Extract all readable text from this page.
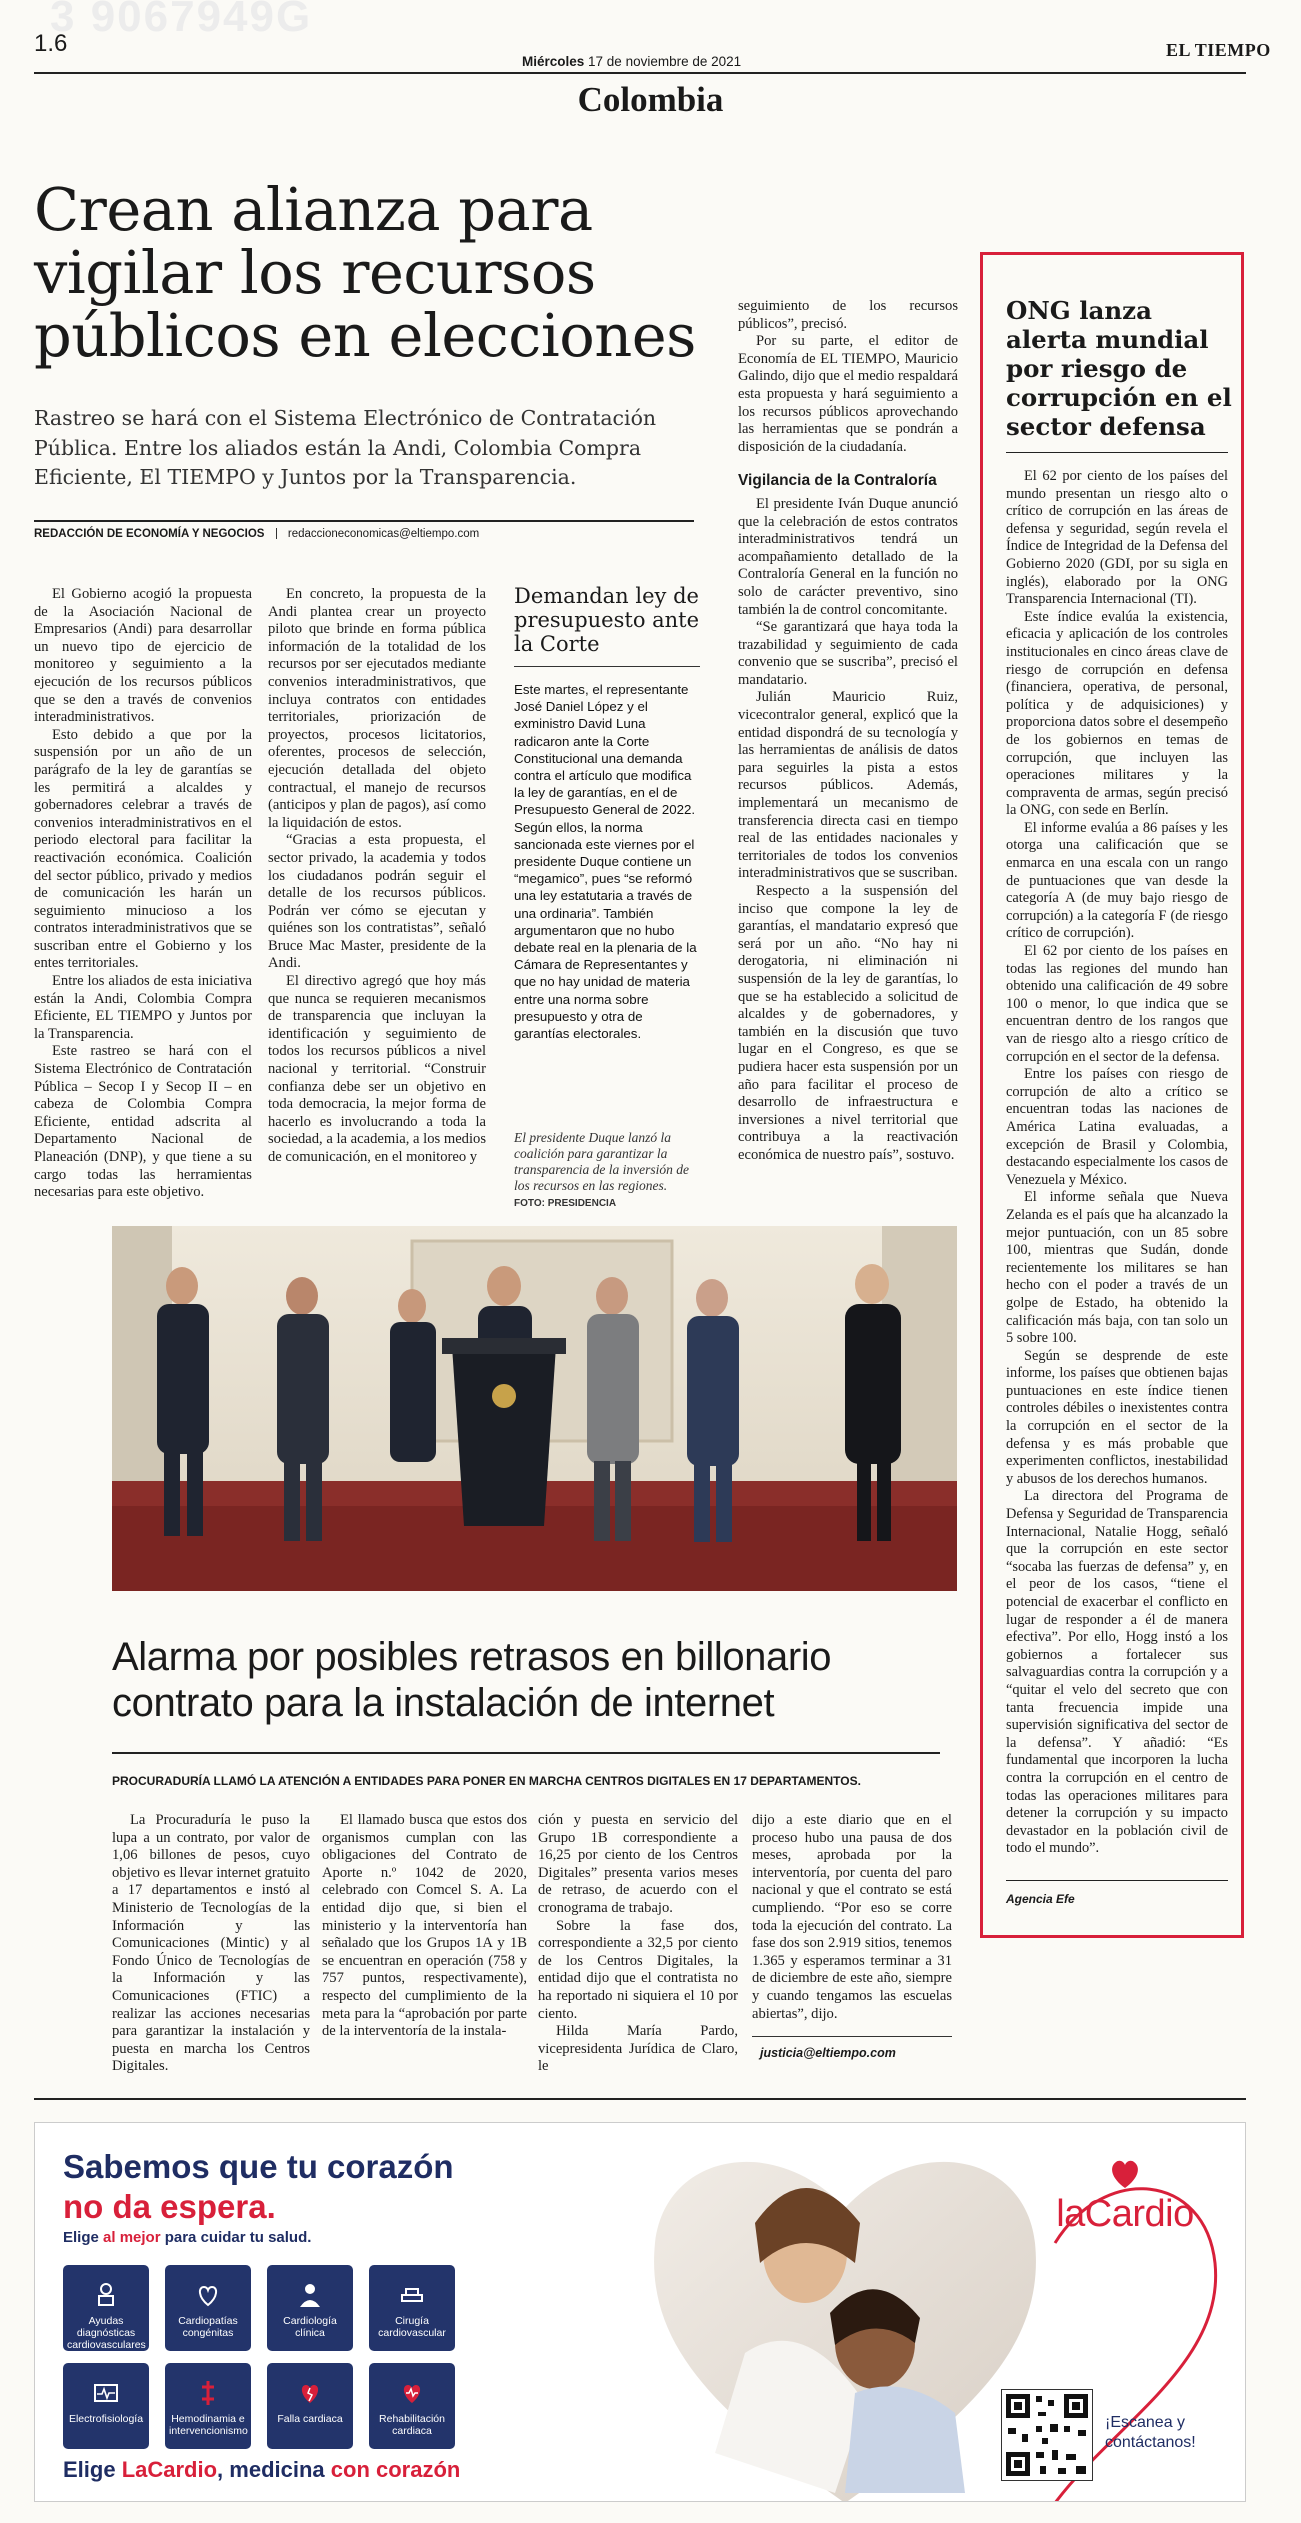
3 9067949G
1.6
Miércoles 17 de noviembre de 2021
EL TIEMPO
Colombia
Crean alianza para vigilar los recursos públicos en elecciones
Rastreo se hará con el Sistema Electrónico de Contratación Pública. Entre los aliados están la Andi, Colombia Compra Eficiente, El TIEMPO y Juntos por la Transparencia.
REDACCIÓN DE ECONOMÍA Y NEGOCIOS redaccioneconomicas@eltiempo.com

El Gobierno acogió la propuesta de la Asociación Nacional de Empresarios (Andi) para desarrollar un nuevo tipo de ejercicio de monitoreo y seguimiento a la ejecución de los recursos públicos que se den a través de convenios interadministrativos.

Esto debido a que por la suspensión por un año de un parágrafo de la ley de garantías se les permitirá a alcaldes y gobernadores celebrar a través de convenios interadministrativos en el periodo electoral para facilitar la reactivación económica. Coalición del sector público, privado y medios de comunicación les harán un seguimiento minucioso a los contratos interadministrativos que se suscriban entre el Gobierno y los entes territoriales.

Entre los aliados de esta iniciativa están la Andi, Colombia Compra Eficiente, EL TIEMPO y Juntos por la Transparencia.

Este rastreo se hará con el Sistema Electrónico de Contratación Pública – Secop I y Secop II – en cabeza de Colombia Compra Eficiente, entidad adscrita al Departamento Nacional de Planeación (DNP), y que tiene a su cargo todas las herramientas necesarias para este objetivo.

En concreto, la propuesta de la Andi plantea crear un proyecto piloto que brinde en forma pública información de la totalidad de los recursos por ser ejecutados mediante convenios interadministrativos, que incluya contratos con entidades territoriales, priorización de proyectos, procesos licitatorios, oferentes, procesos de selección, ejecución detallada del objeto contractual, el manejo de recursos (anticipos y plan de pagos), así como la liquidación de estos.

“Gracias a esta propuesta, el sector privado, la academia y todos los ciudadanos podrán seguir el detalle de los recursos públicos. Podrán ver cómo se ejecutan y quiénes son los contratistas”, señaló Bruce Mac Master, presidente de la Andi.

El directivo agregó que hoy más que nunca se requieren mecanismos de transparencia que incluyan la identificación y seguimiento de todos los recursos públicos a nivel nacional y territorial. “Construir confianza debe ser un objetivo en toda democracia, la mejor forma de hacerlo es involucrando a toda la sociedad, a la academia, a los medios de comunicación, en el monitoreo y

Demandan ley de presupuesto ante la Corte
Este martes, el representante José Daniel López y el exministro David Luna radicaron ante la Corte Constitucional una demanda contra el artículo que modifica la ley de garantías, en el de Presupuesto General de 2022. Según ellos, la norma sancionada este viernes por el presidente Duque contiene un “megamico”, pues “se reformó una ley estatutaria a través de una ordinaria”. También argumentaron que no hubo debate real en la plenaria de la Cámara de Representantes y que no hay unidad de materia entre una norma sobre presupuesto y otra de garantías electorales.
El presidente Duque lanzó la coalición para garantizar la transparencia de la inversión de los recursos en las regiones. FOTO: PRESIDENCIA

seguimiento de los recursos públicos”, precisó.

Por su parte, el editor de Economía de EL TIEMPO, Mauricio Galindo, dijo que el medio respaldará esta propuesta y hará seguimiento a los recursos públicos aprovechando las herramientas que se pondrán a disposición de la ciudadanía.

Vigilancia de la Contraloría

El presidente Iván Duque anunció que la celebración de estos contratos interadministrativos tendrá un acompañamiento detallado de la Contraloría General en la función no solo de carácter preventivo, sino también la de control concomitante.

“Se garantizará que haya toda la trazabilidad y seguimiento de cada convenio que se suscriba”, precisó el mandatario.

Julián Mauricio Ruiz, vicecontralor general, explicó que la entidad dispondrá de su tecnología y las herramientas de análisis de datos para seguirles la pista a estos recursos públicos. Además, implementará un mecanismo de transferencia directa casi en tiempo real de las entidades nacionales y territoriales de todos los convenios interadministrativos que se suscriban.

Respecto a la suspensión del inciso que compone la ley de garantías, el mandatario expresó que será por un año. “No hay ni derogatoria, ni eliminación ni suspensión de la ley de garantías, lo que se ha establecido a solicitud de alcaldes y de gobernadores, y también en la discusión que tuvo lugar en el Congreso, es que se pudiera hacer esta suspensión por un año para facilitar el proceso de desarrollo de infraestructura e inversiones a nivel territorial que contribuya a la reactivación económica de nuestro país”, sostuvo.

Alarma por posibles retrasos en billonario contrato para la instalación de internet
PROCURADURÍA LLAMÓ LA ATENCIÓN A ENTIDADES PARA PONER EN MARCHA CENTROS DIGITALES EN 17 DEPARTAMENTOS.

La Procuraduría le puso la lupa a un contrato, por valor de 1,06 billones de pesos, cuyo objetivo es llevar internet gratuito a 17 departamentos e instó al Ministerio de Tecnologías de la Información y las Comunicaciones (Mintic) y al Fondo Único de Tecnologías de la Información y las Comunicaciones (FTIC) a realizar las acciones necesarias para garantizar la instalación y puesta en marcha los Centros Digitales.

El llamado busca que estos dos organismos cumplan con las obligaciones del Contrato de Aporte n.º 1042 de 2020, celebrado con Comcel S. A. La entidad dijo que, si bien el ministerio y la interventoría han señalado que los Grupos 1A y 1B se encuentran en operación (758 y 757 puntos, respectivamente), respecto del cumplimiento de la meta para la “aprobación por parte de la interventoría de la instala-

ción y puesta en servicio del Grupo 1B correspondiente a 16,25 por ciento de los Centros Digitales” presenta varios meses de retraso, de acuerdo con el cronograma de trabajo.

Sobre la fase dos, correspondiente a 32,5 por ciento de los Centros Digitales, la entidad dijo que el contratista no ha reportado ni siquiera el 10 por ciento.

Hilda María Pardo, vicepresidenta Jurídica de Claro, le

dijo a este diario que en el proceso hubo una pausa de dos meses, aprobada por la interventoría, por cuenta del paro nacional y que el contrato se está cumpliendo. “Por eso se corre toda la ejecución del contrato. La fase dos son 2.919 sitios, tenemos 1.365 y esperamos terminar a 31 de diciembre de este año, siempre y cuando tengamos las escuelas abiertas”, dijo.

justicia@eltiempo.com
ONG lanza alerta mundial por riesgo de corrupción en el sector defensa

El 62 por ciento de los países del mundo presentan un riesgo alto o crítico de corrupción en las áreas de defensa y seguridad, según revela el Índice de Integridad de la Defensa del Gobierno 2020 (GDI, por su sigla en inglés), elaborado por la ONG Transparencia Internacional (TI).

Este índice evalúa la existencia, eficacia y aplicación de los controles institucionales en cinco áreas clave de riesgo de corrupción en defensa (financiera, operativa, de personal, política y de adquisiciones) y proporciona datos sobre el desempeño de los gobiernos en temas de corrupción, que incluyen las operaciones militares y la compraventa de armas, según precisó la ONG, con sede en Berlín.

El informe evalúa a 86 países y les otorga una calificación que se enmarca en una escala con un rango de puntuaciones que van desde la categoría A (de muy bajo riesgo de corrupción) a la categoría F (de riesgo crítico de corrupción).

El 62 por ciento de los países en todas las regiones del mundo han obtenido una calificación de 49 sobre 100 o menor, lo que indica que se encuentran dentro de los rangos que van de riesgo alto a riesgo crítico de corrupción en el sector de la defensa.

Entre los países con riesgo de corrupción de alto a crítico se encuentran todas las naciones de América Latina evaluadas, a excepción de Brasil y Colombia, destacando especialmente los casos de Venezuela y México.

El informe señala que Nueva Zelanda es el país que ha alcanzado la mejor puntuación, con un 85 sobre 100, mientras que Sudán, donde recientemente los militares se han hecho con el poder a través de un golpe de Estado, ha obtenido la calificación más baja, con tan solo un 5 sobre 100.

Según se desprende de este informe, los países que obtienen bajas puntuaciones en este índice tienen controles débiles o inexistentes contra la corrupción en el sector de la defensa y es más probable que experimenten conflictos, inestabilidad y abusos de los derechos humanos.

La directora del Programa de Defensa y Seguridad de Transparencia Internacional, Natalie Hogg, señaló que la corrupción en este sector “socaba las fuerzas de defensa” y, en el peor de los casos, “tiene el potencial de exacerbar el conflicto en lugar de responder a él de manera efectiva”. Por ello, Hogg instó a los gobiernos a fortalecer sus salvaguardias contra la corrupción y a “quitar el velo del secreto que con tanta frecuencia impide una supervisión significativa del sector de la defensa”. Y añadió: “Es fundamental que incorporen la lucha contra la corrupción en el centro de todas las operaciones militares para detener la corrupción y su impacto devastador en la población civil de todo el mundo”.

Agencia Efe
Sabemos que tu corazón
no da espera.
Elige al mejor para cuidar tu salud.
Ayudas diagnósticas cardiovasculares
Cardiopatías congénitas
Cardiología clínica
Cirugía cardiovascular
Electrofisiología	Hemodinamia e intervencionismo
Falla cardiaca	Rehabilitación cardiaca
Elige LaCardio, medicina con corazón
laCardio
¡Escanea y contáctanos!
